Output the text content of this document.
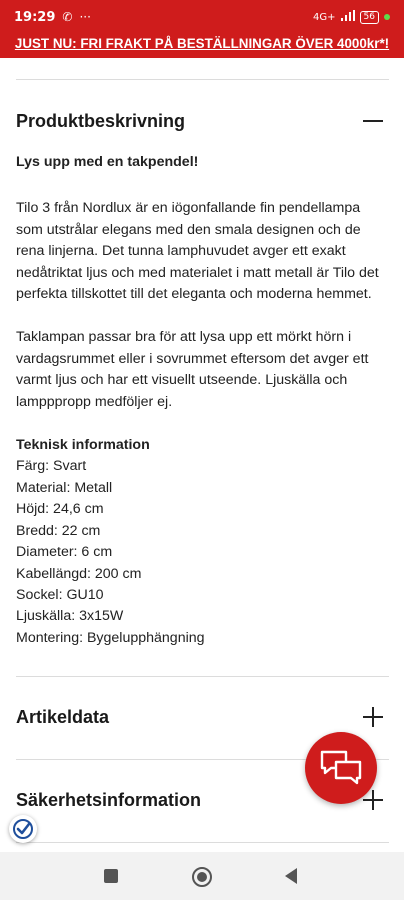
19:29 ✆ ···	4G+	56
JUST NU: FRI FRAKT PÅ BESTÄLLNINGAR ÖVER 4000kr*!
Produktbeskrivning

Lys upp med en takpendel!

Tilo 3 från Nordlux är en iögonfallande fin pendellampa som utstrålar elegans med den smala designen och de rena linjerna. Det tunna lamphuvudet avger ett exakt nedåtriktat ljus och med materialet i matt metall är Tilo det perfekta tillskottet till det eleganta och moderna hemmet.

Taklampan passar bra för att lysa upp ett mörkt hörn i vardagsrummet eller i sovrummet eftersom det avger ett varmt ljus och har ett visuellt utseende. Ljuskälla och lampppropp medföljer ej.

Teknisk information

Färg: Svart

Material: Metall

Höjd: 24,6 cm

Bredd: 22 cm

Diameter: 6 cm

Kabellängd: 200 cm

Sockel: GU10

Ljuskälla: 3x15W

Montering: Bygelupphängning

Artikeldata
Säkerhetsinformation
